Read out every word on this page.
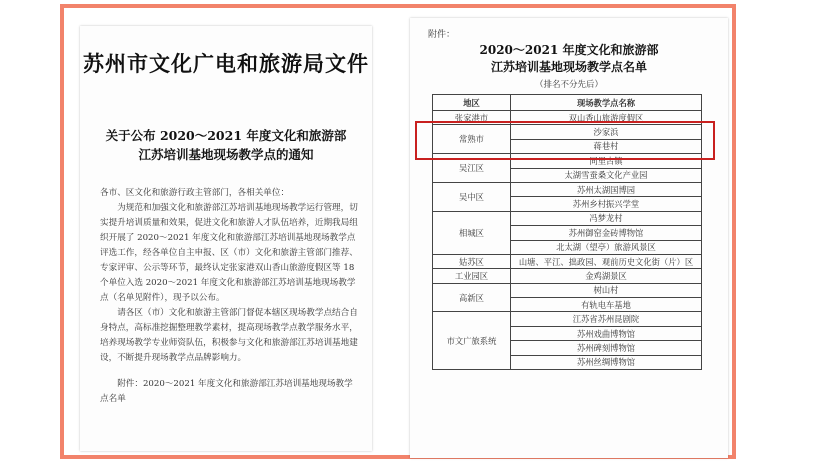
苏州市文化广电和旅游局文件
关于公布 2020～2021 年度文化和旅游部
江苏培训基地现场教学点的通知

各市、区文化和旅游行政主管部门，各相关单位：

为规范和加强文化和旅游部江苏培训基地现场教学运行管理，切实提升培训质量和效果，促进文化和旅游人才队伍培养，近期我局组织开展了 2020～2021 年度文化和旅游部江苏培训基地现场教学点评选工作，经各单位自主申报、区（市）文化和旅游主管部门推荐、专家评审、公示等环节，最终认定张家港双山香山旅游度假区等 18 个单位入选 2020～2021 年度文化和旅游部江苏培训基地现场教学点（名单见附件），现予以公布。

请各区（市）文化和旅游主管部门督促本辖区现场教学点结合自身特点，高标准挖掘整理教学素材，提高现场教学点教学服务水平，培养现场教学专业师资队伍，积极参与文化和旅游部江苏培训基地建设，不断提升现场教学点品牌影响力。

附件：2020～2021 年度文化和旅游部江苏培训基地现场教学点名单

附件：
2020～2021 年度文化和旅游部
江苏培训基地现场教学点名单
（排名不分先后）
地区	现场教学点名称
张家港市	双山香山旅游度假区
常熟市	沙家浜
	蒋巷村
吴江区	同里古镇
	太湖雪蚕桑文化产业园
吴中区	苏州太湖国博园
	苏州乡村振兴学堂
相城区	冯梦龙村
	苏州御窑金砖博物馆
	北太湖（望亭）旅游风景区
姑苏区	山塘、平江、拙政园、观前历史文化街（片）区
工业园区	金鸡湖景区
高新区	树山村
	有轨电车基地
市文广旅系统	江苏省苏州昆剧院
	苏州戏曲博物馆
	苏州碑刻博物馆
	苏州丝绸博物馆
